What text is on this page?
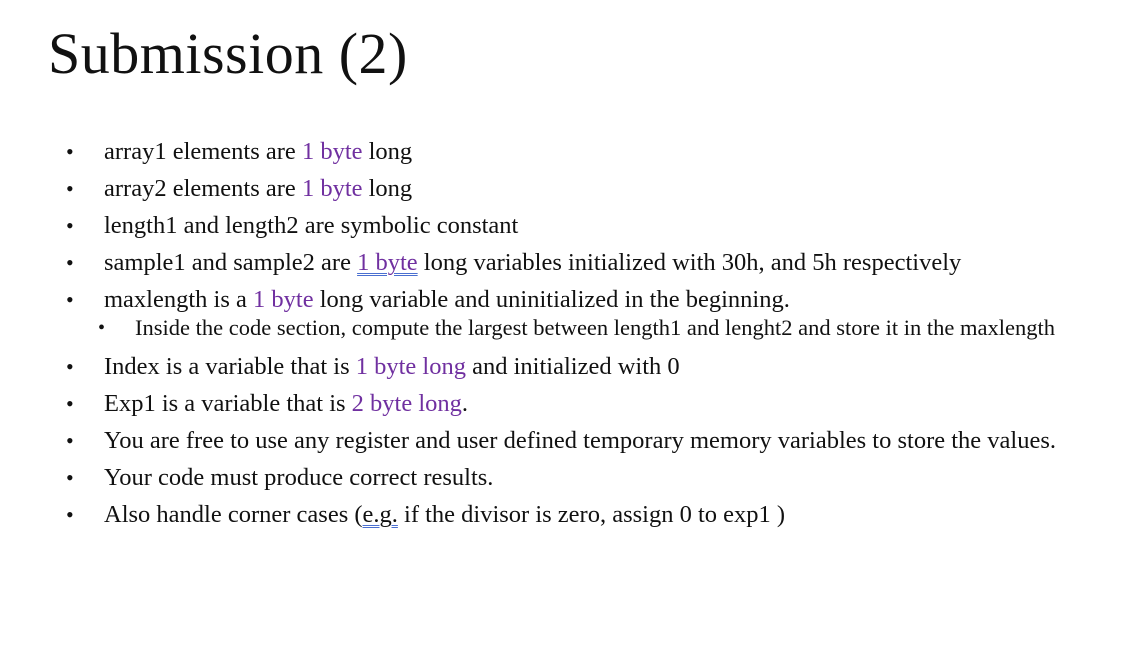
Submission (2)
• array1 elements are 1 byte long
• array2 elements are 1 byte long
• length1 and length2 are symbolic constant
• sample1 and sample2 are 1 byte long variables initialized with 30h, and 5h respectively
• maxlength is a 1 byte long variable and uninitialized in the beginning.
• Inside the code section, compute the largest between length1 and lenght2 and store it in the maxlength
• Index is a variable that is 1 byte long and initialized with 0
• Exp1 is a variable that is 2 byte long.
• You are free to use any register and user defined temporary memory variables to store the values.
• Your code must produce correct results.
• Also handle corner cases (e.g. if the divisor is zero, assign 0 to exp1 )
